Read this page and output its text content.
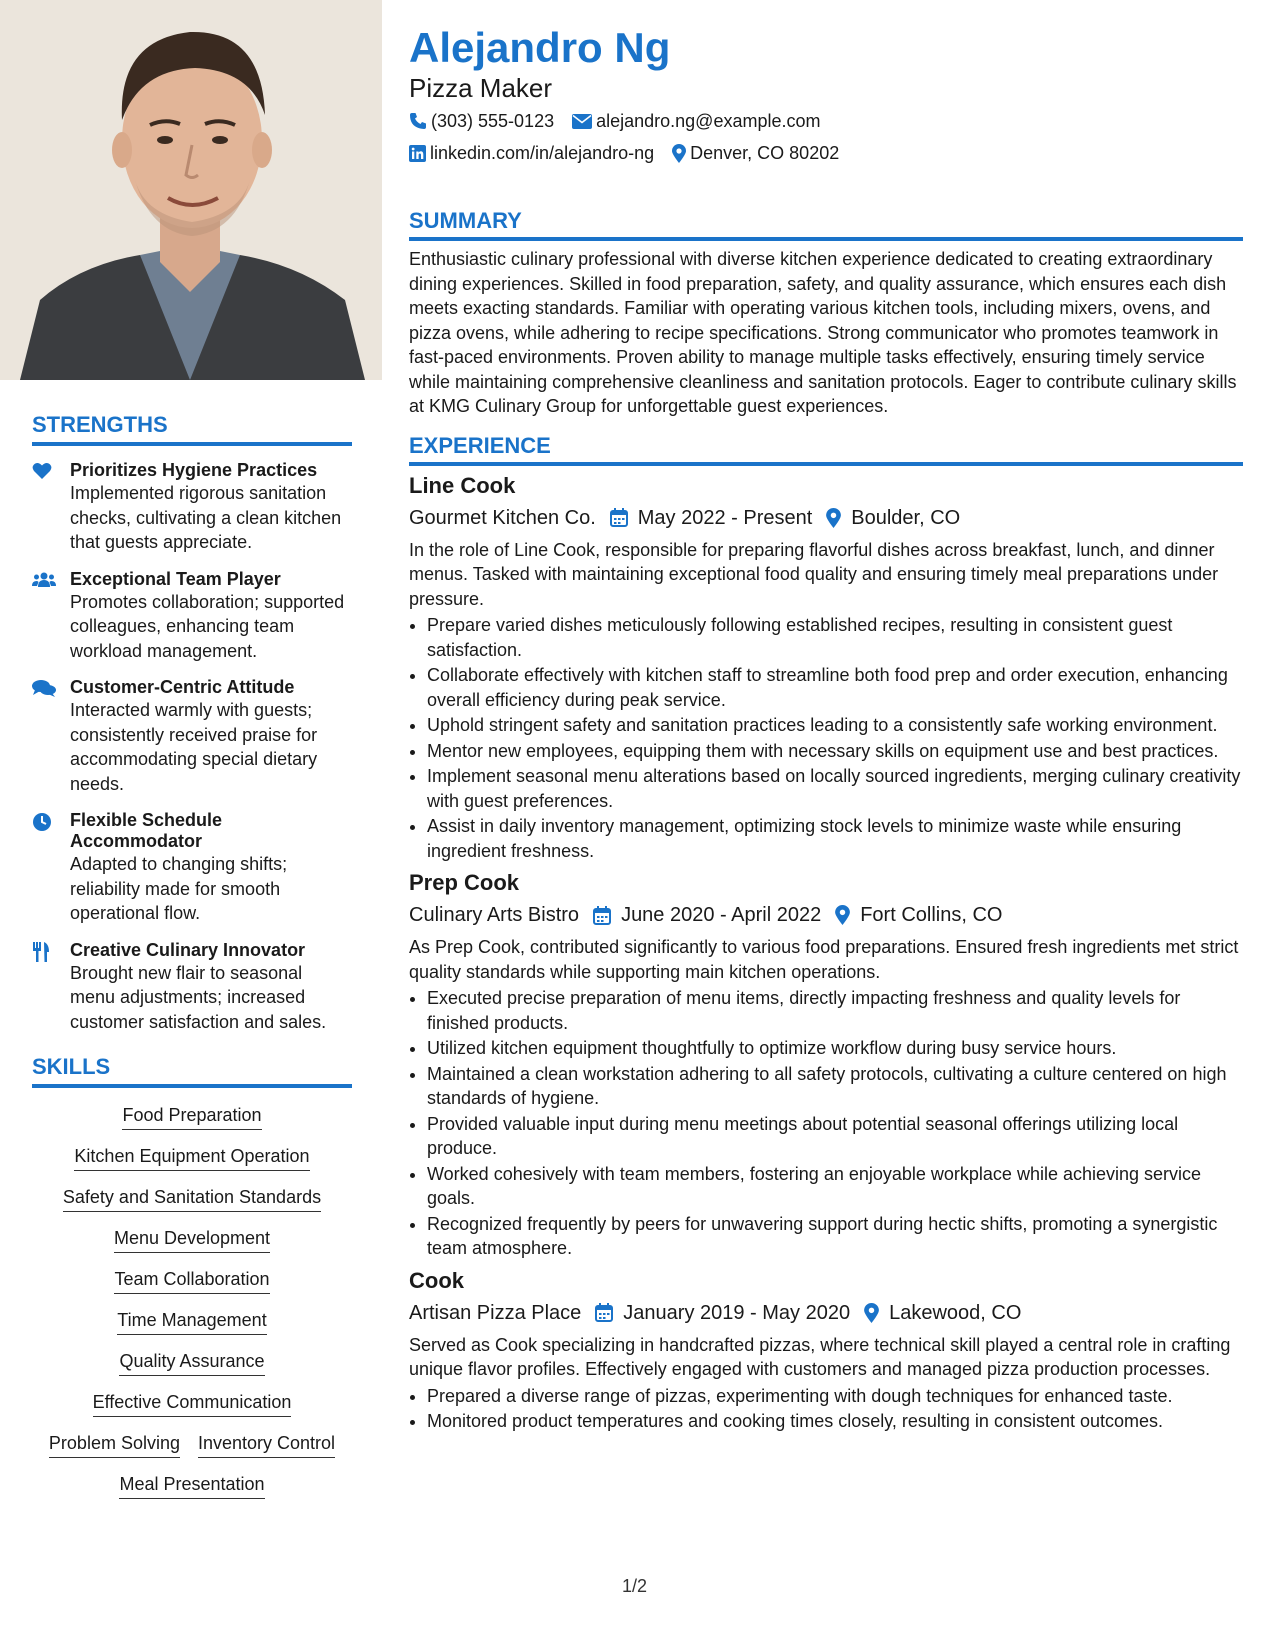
STRENGTHS
Prioritizes Hygiene Practices
Implemented rigorous sanitation checks, cultivating a clean kitchen that guests appreciate.
Exceptional Team Player
Promotes collaboration; supported colleagues, enhancing team workload management.
Customer-Centric Attitude
Interacted warmly with guests; consistently received praise for accommodating special dietary needs.
Flexible Schedule Accommodator
Adapted to changing shifts; reliability made for smooth operational flow.
Creative Culinary Innovator
Brought new flair to seasonal menu adjustments; increased customer satisfaction and sales.
SKILLS
Food Preparation
Kitchen Equipment Operation
Safety and Sanitation Standards
Menu Development
Team Collaboration
Time Management
Quality Assurance
Effective Communication
Problem Solving Inventory Control
Meal Presentation
Alejandro Ng
Pizza Maker
(303) 555-0123 alejandro.ng@example.com
linkedin.com/in/alejandro-ng Denver, CO 80202
SUMMARY
Enthusiastic culinary professional with diverse kitchen experience dedicated to creating extraordinary dining experiences. Skilled in food preparation, safety, and quality assurance, which ensures each dish meets exacting standards. Familiar with operating various kitchen tools, including mixers, ovens, and pizza ovens, while adhering to recipe specifications. Strong communicator who promotes teamwork in fast-paced environments. Proven ability to manage multiple tasks effectively, ensuring timely service while maintaining comprehensive cleanliness and sanitation protocols. Eager to contribute culinary skills at KMG Culinary Group for unforgettable guest experiences.
EXPERIENCE
Line Cook
Gourmet Kitchen Co. May 2022 - Present Boulder, CO
In the role of Line Cook, responsible for preparing flavorful dishes across breakfast, lunch, and dinner menus. Tasked with maintaining exceptional food quality and ensuring timely meal preparations under pressure.
• Prepare varied dishes meticulously following established recipes, resulting in consistent guest satisfaction.
• Collaborate effectively with kitchen staff to streamline both food prep and order execution, enhancing overall efficiency during peak service.
• Uphold stringent safety and sanitation practices leading to a consistently safe working environment.
• Mentor new employees, equipping them with necessary skills on equipment use and best practices.
• Implement seasonal menu alterations based on locally sourced ingredients, merging culinary creativity with guest preferences.
• Assist in daily inventory management, optimizing stock levels to minimize waste while ensuring ingredient freshness.
Prep Cook
Culinary Arts Bistro June 2020 - April 2022 Fort Collins, CO
As Prep Cook, contributed significantly to various food preparations. Ensured fresh ingredients met strict quality standards while supporting main kitchen operations.
• Executed precise preparation of menu items, directly impacting freshness and quality levels for finished products.
• Utilized kitchen equipment thoughtfully to optimize workflow during busy service hours.
• Maintained a clean workstation adhering to all safety protocols, cultivating a culture centered on high standards of hygiene.
• Provided valuable input during menu meetings about potential seasonal offerings utilizing local produce.
• Worked cohesively with team members, fostering an enjoyable workplace while achieving service goals.
• Recognized frequently by peers for unwavering support during hectic shifts, promoting a synergistic team atmosphere.
Cook
Artisan Pizza Place January 2019 - May 2020 Lakewood, CO
Served as Cook specializing in handcrafted pizzas, where technical skill played a central role in crafting unique flavor profiles. Effectively engaged with customers and managed pizza production processes.
• Prepared a diverse range of pizzas, experimenting with dough techniques for enhanced taste.
• Monitored product temperatures and cooking times closely, resulting in consistent outcomes.
1/2
